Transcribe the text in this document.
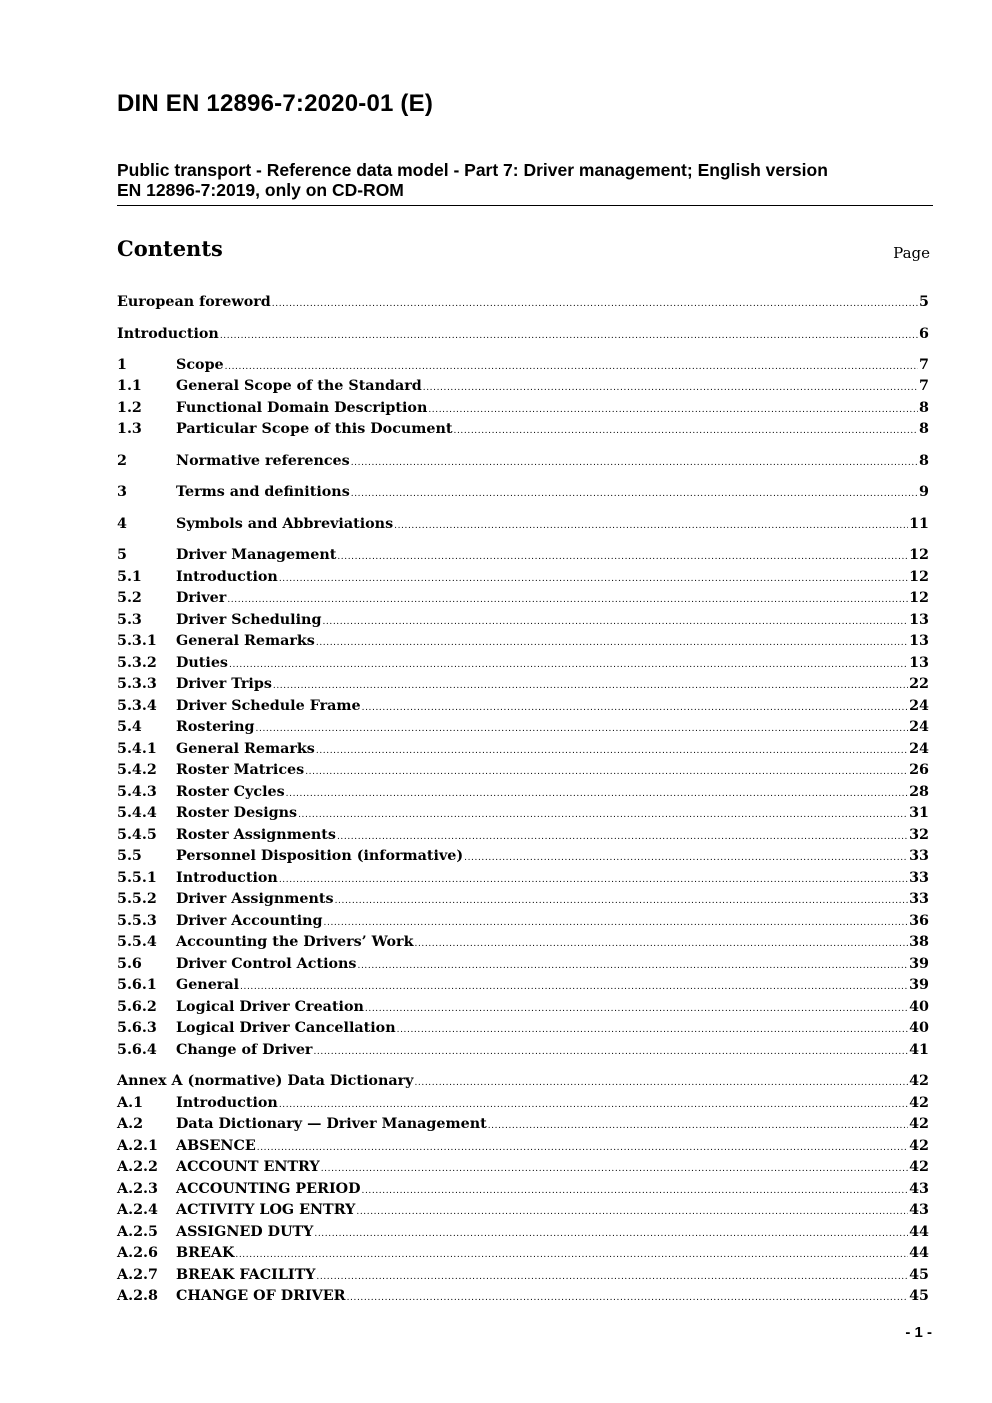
DIN EN 12896-7:2020-01 (E)
Public transport - Reference data model - Part 7: Driver management; English version
EN 12896-7:2019, only on CD-ROM
Contents	Page
European foreword .....	5
Introduction .....	6
1	Scope .....	7
1.1	General Scope of the Standard .....	7
1.2	Functional Domain Description .....	8
1.3	Particular Scope of this Document .....	8
2	Normative references .....	8
3	Terms and definitions .....	9
4	Symbols and Abbreviations .....	11
5	Driver Management .....	12
5.1	Introduction .....	12
5.2	Driver .....	12
5.3	Driver Scheduling .....	13
5.3.1	General Remarks .....	13
5.3.2	Duties .....	13
5.3.3	Driver Trips .....	22
5.3.4	Driver Schedule Frame .....	24
5.4	Rostering .....	24
5.4.1	General Remarks .....	24
5.4.2	Roster Matrices .....	26
5.4.3	Roster Cycles .....	28
5.4.4	Roster Designs .....	31
5.4.5	Roster Assignments .....	32
5.5	Personnel Disposition (informative) .....	33
5.5.1	Introduction .....	33
5.5.2	Driver Assignments .....	33
5.5.3	Driver Accounting .....	36
5.5.4	Accounting the Drivers’ Work .....	38
5.6	Driver Control Actions .....	39
5.6.1	General .....	39
5.6.2	Logical Driver Creation .....	40
5.6.3	Logical Driver Cancellation .....	40
5.6.4	Change of Driver .....	41
Annex A (normative) Data Dictionary .....	42
A.1	Introduction .....	42
A.2	Data Dictionary — Driver Management .....	42
A.2.1	ABSENCE .....	42
A.2.2	ACCOUNT ENTRY .....	42
A.2.3	ACCOUNTING PERIOD .....	43
A.2.4	ACTIVITY LOG ENTRY .....	43
A.2.5	ASSIGNED DUTY .....	44
A.2.6	BREAK .....	44
A.2.7	BREAK FACILITY .....	45
A.2.8	CHANGE OF DRIVER .....	45
- 1 -
